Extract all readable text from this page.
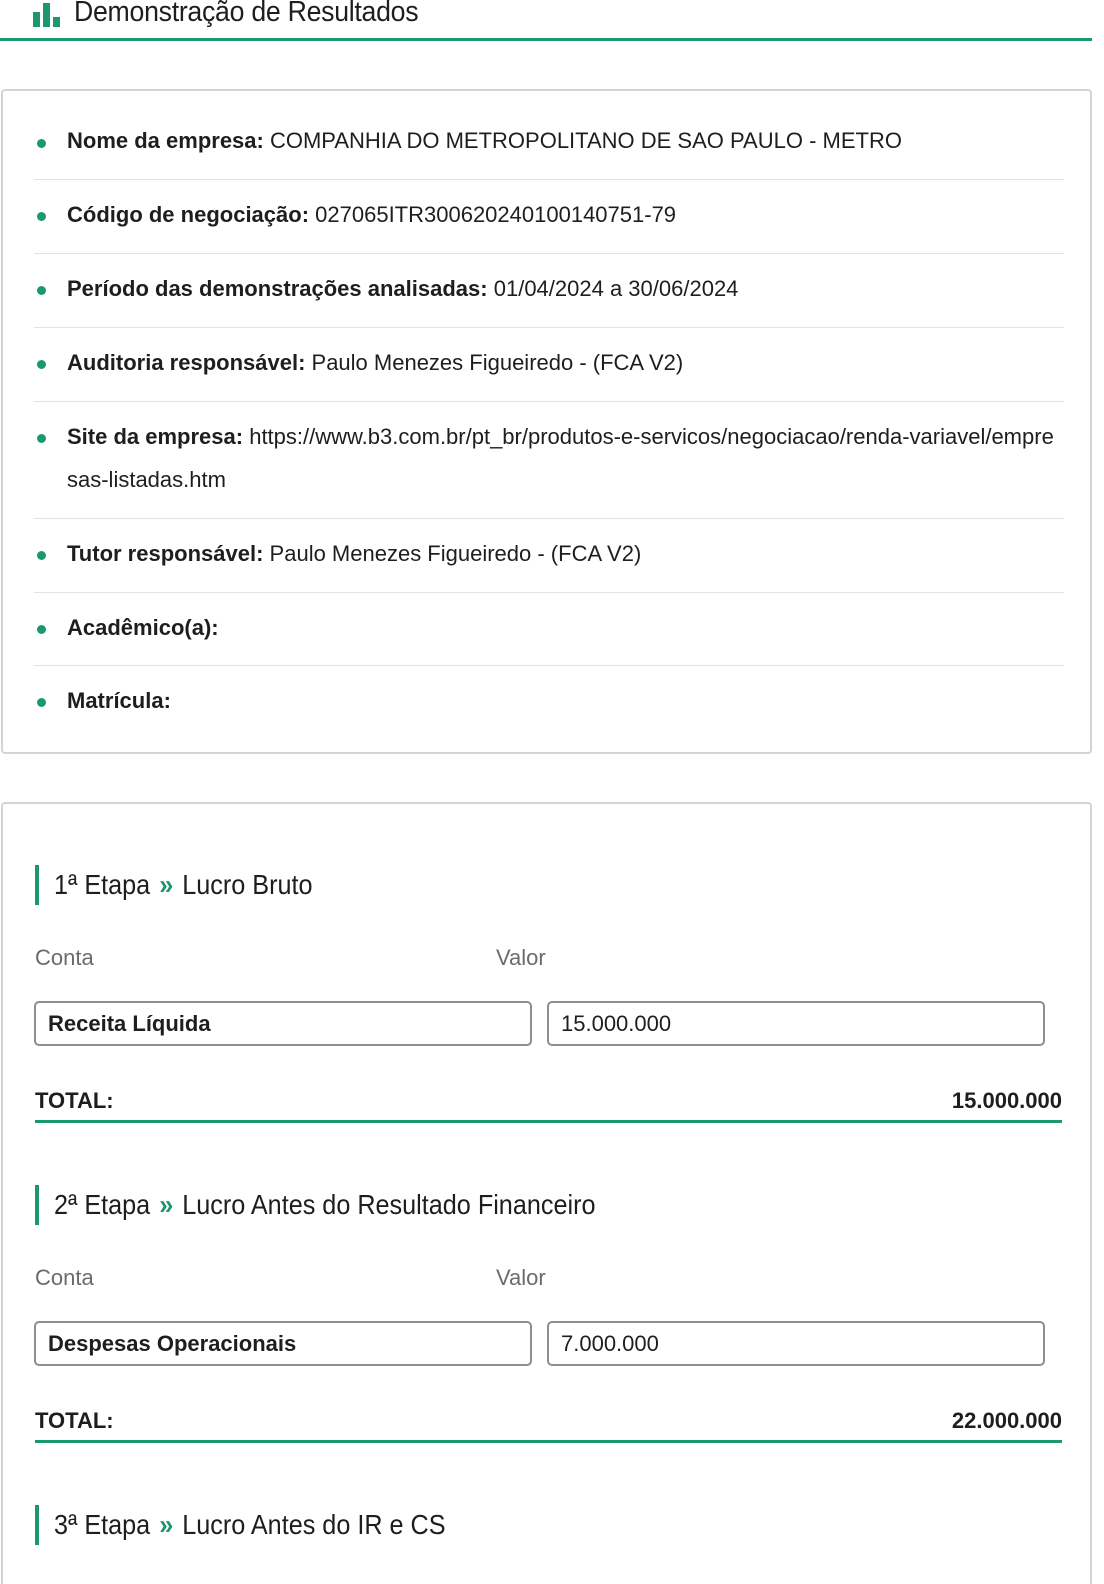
Demonstração de Resultados
Nome da empresa: COMPANHIA DO METROPOLITANO DE SAO PAULO - METRO
Código de negociação: 027065ITR300620240100140751-79
Período das demonstrações analisadas: 01/04/2024 a 30/06/2024
Auditoria responsável: Paulo Menezes Figueiredo - (FCA V2)
Site da empresa: https://www.b3.com.br/pt_br/produtos-e-servicos/negociacao/renda-variavel/empresas-listadas.htm
Tutor responsável: Paulo Menezes Figueiredo - (FCA V2)
Acadêmico(a):
Matrícula:
1ª Etapa » Lucro Bruto
Conta	Valor
Receita Líquida	15.000.000
TOTAL:	15.000.000
2ª Etapa » Lucro Antes do Resultado Financeiro
Conta	Valor
Despesas Operacionais	7.000.000
TOTAL:	22.000.000
3ª Etapa » Lucro Antes do IR e CS
